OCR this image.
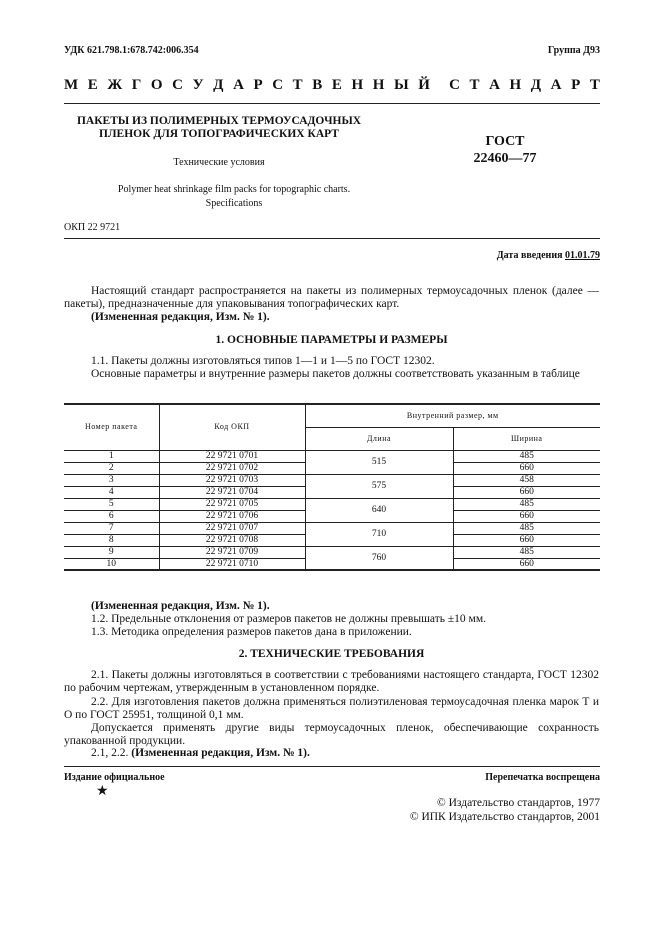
УДК 621.798.1:678.742:006.354	Группа Д93
М Е Ж Г О С У Д А Р С Т В Е Н Н Ы Й С Т А Н Д А Р Т
ПАКЕТЫ ИЗ ПОЛИМЕРНЫХ ТЕРМОУСАДОЧНЫХ
ПЛЕНОК ДЛЯ ТОПОГРАФИЧЕСКИХ КАРТ
Технические условия
Polymer heat shrinkage film packs for topographic charts.
Specifications
ГОСТ
22460—77
ОКП 22 9721
Дата введения 01.01.79
Настоящий стандарт распространяется на пакеты из полимерных термоусадочных пленок (далее — пакеты), предназначенные для упаковывания топографических карт.
(Измененная редакция, Изм. № 1).
1. ОСНОВНЫЕ ПАРАМЕТРЫ И РАЗМЕРЫ
1.1. Пакеты должны изготовляться типов 1—1 и 1—5 по ГОСТ 12302.
Основные параметры и внутренние размеры пакетов должны соответствовать указанным в таблице
Номер пакета	Код ОКП	Внутренний размер, мм	
		Длина	Ширина
1	22 9721 0701	515	485
2	22 9721 0702		660
3	22 9721 0703	575	458
4	22 9721 0704		660
5	22 9721 0705	640	485
6	22 9721 0706		660
7	22 9721 0707	710	485
8	22 9721 0708		660
9	22 9721 0709	760	485
10	22 9721 0710		660
(Измененная редакция, Изм. № 1).
1.2. Предельные отклонения от размеров пакетов не должны превышать ±10 мм.
1.3. Методика определения размеров пакетов дана в приложении.
2. ТЕХНИЧЕСКИЕ ТРЕБОВАНИЯ
2.1. Пакеты должны изготовляться в соответствии с требованиями настоящего стандарта, ГОСТ 12302 по рабочим чертежам, утвержденным в установленном порядке.
2.2. Для изготовления пакетов должна применяться полиэтиленовая термоусадочная пленка марок Т и О по ГОСТ 25951, толщиной 0,1 мм.
Допускается применять другие виды термоусадочных пленок, обеспечивающие сохранность упакованной продукции.
2.1, 2.2. (Измененная редакция, Изм. № 1).
Издание официальное	Перепечатка воспрещена
★
© Издательство стандартов, 1977
© ИПК Издательство стандартов, 2001
